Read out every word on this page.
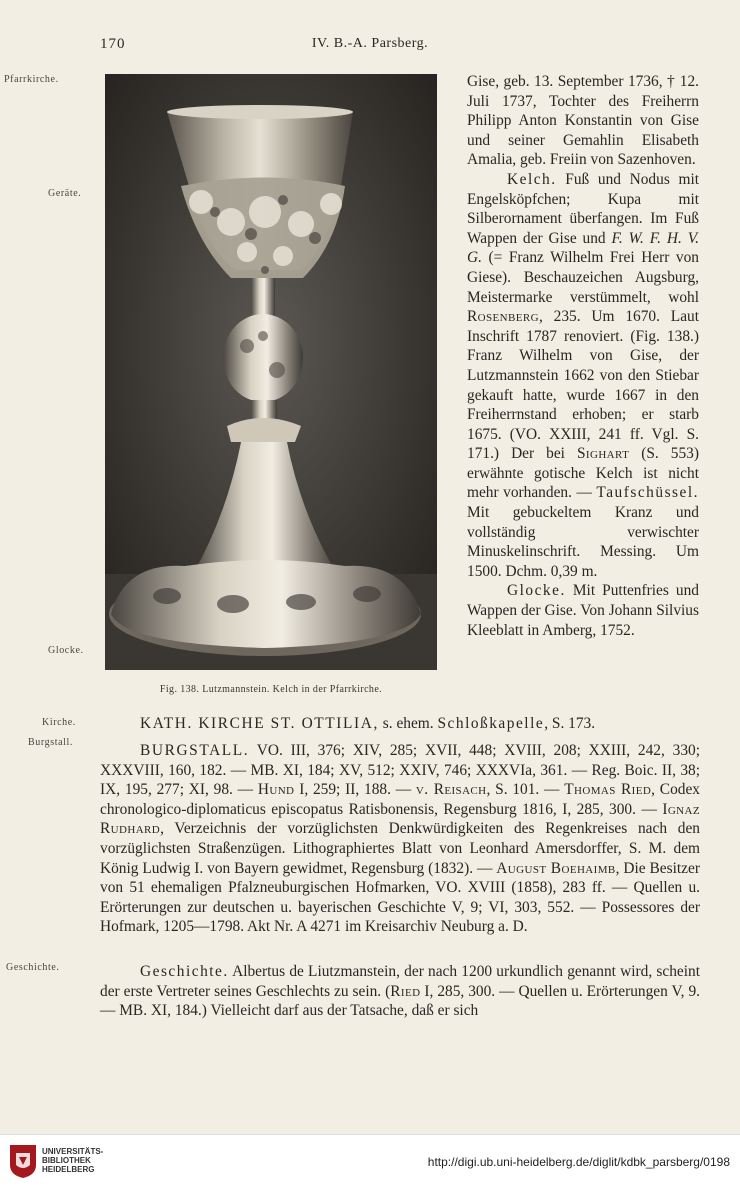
170	IV. B.-A. Parsberg.
Pfarrkirche.
Geräte.
Glocke.
Kirche.
Burgstall.
Geschichte.
Fig. 138. Lutzmannstein. Kelch in der Pfarrkirche.

Gise, geb. 13. September 1736, † 12. Juli 1737, Tochter des Freiherrn Philipp Anton Konstantin von Gise und seiner Gemahlin Elisabeth Amalia, geb. Freiin von Sazenhoven.

Kelch. Fuß und Nodus mit Engelsköpfchen; Kupa mit Silberornament überfangen. Im Fuß Wappen der Gise und F. W. F. H. V. G. (= Franz Wilhelm Frei Herr von Giese). Beschauzeichen Augsburg, Meistermarke verstümmelt, wohl Rosenberg, 235. Um 1670. Laut Inschrift 1787 renoviert. (Fig. 138.) Franz Wilhelm von Gise, der Lutzmannstein 1662 von den Stiebar gekauft hatte, wurde 1667 in den Freiherrnstand erhoben; er starb 1675. (VO. XXIII, 241 ff. Vgl. S. 171.) Der bei Sighart (S. 553) erwähnte gotische Kelch ist nicht mehr vorhanden. — Taufschüssel. Mit gebuckeltem Kranz und vollständig verwischter Minuskelinschrift. Messing. Um 1500. Dchm. 0,39 m.

Glocke. Mit Puttenfries und Wappen der Gise. Von Johann Silvius Kleeblatt in Amberg, 1752.

KATH. KIRCHE ST. OTTILIA, s. ehem. Schloßkapelle, S. 173.

BURGSTALL. VO. III, 376; XIV, 285; XVII, 448; XVIII, 208; XXIII, 242, 330; XXXVIII, 160, 182. — MB. XI, 184; XV, 512; XXIV, 746; XXXVIa, 361. — Reg. Boic. II, 38; IX, 195, 277; XI, 98. — Hund I, 259; II, 188. — v. Reisach, S. 101. — Thomas Ried, Codex chronologico-diplomaticus episcopatus Ratisbonensis, Regensburg 1816, I, 285, 300. — Ignaz Rudhard, Verzeichnis der vorzüglichsten Denkwürdigkeiten des Regenkreises nach den vorzüglichsten Straßenzügen. Lithographiertes Blatt von Leonhard Amersdorffer, S. M. dem König Ludwig I. von Bayern gewidmet, Regensburg (1832). — August Boehaimb, Die Besitzer von 51 ehemaligen Pfalzneuburgischen Hofmarken, VO. XVIII (1858), 283 ff. — Quellen u. Erörterungen zur deutschen u. bayerischen Geschichte V, 9; VI, 303, 552. — Possessores der Hofmark, 1205—1798. Akt Nr. A 4271 im Kreisarchiv Neuburg a. D.

Geschichte. Albertus de Liutzmanstein, der nach 1200 urkundlich genannt wird, scheint der erste Vertreter seines Geschlechts zu sein. (Ried I, 285, 300. — Quellen u. Erörterungen V, 9. — MB. XI, 184.) Vielleicht darf aus der Tatsache, daß er sich

UNIVERSITÄTS-
BIBLIOTHEK
HEIDELBERG
http://digi.ub.uni-heidelberg.de/diglit/kdbk_parsberg/0198
